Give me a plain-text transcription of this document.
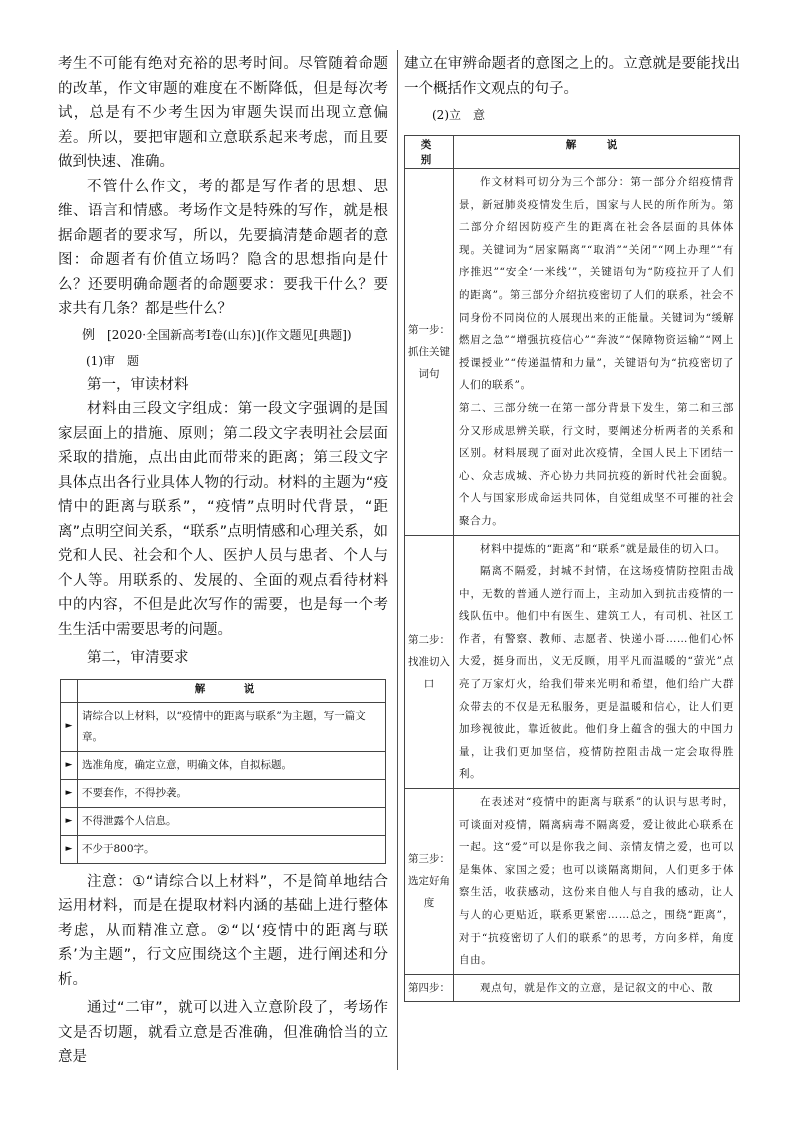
考生不可能有绝对充裕的思考时间。尽管随着命题的改革，作文审题的难度在不断降低，但是每次考试，总是有不少考生因为审题失误而出现立意偏差。所以，要把审题和立意联系起来考虑，而且要做到快速、准确。

不管什么作文，考的都是写作者的思想、思维、语言和情感。考场作文是特殊的写作，就是根据命题者的要求写，所以，先要搞清楚命题者的意图：命题者有价值立场吗？隐含的思想指向是什么？还要明确命题者的命题要求：要我干什么？要求共有几条？都是些什么？

例　 [2020·全国新高考Ⅰ卷(山东)](作文题见[典题])

(1)审　题

第一，审读材料

材料由三段文字组成：第一段文字强调的是国家层面上的措施、原则；第二段文字表明社会层面采取的措施，点出由此而带来的距离；第三段文字具体点出各行业具体人物的行动。材料的主题为“疫情中的距离与联系”，“疫情”点明时代背景，“距离”点明空间关系，“联系”点明情感和心理关系，如党和人民、社会和个人、医护人员与患者、个人与个人等。用联系的、发展的、全面的观点看待材料中的内容，不但是此次写作的需要，也是每一个考生生活中需要思考的问题。

第二，审清要求

	解　说
►	请综合以上材料，以“疫情中的距离与联系”为主题，写一篇文章。
►	选准角度，确定立意，明确文体，自拟标题。
►	不要套作，不得抄袭。
►	不得泄露个人信息。
►	不少于800字。

注意：①“请综合以上材料”，不是简单地结合运用材料，而是在提取材料内涵的基础上进行整体考虑，从而精准立意。②“以‘疫情中的距离与联系’为主题”，行文应围绕这个主题，进行阐述和分析。

通过“二审”，就可以进入立意阶段了，考场作文是否切题，就看立意是否准确，但准确恰当的立意是

建立在审辨命题者的意图之上的。立意就是要能找出一个概括作文观点的句子。

(2)立　意
类　别	解　说
第一步：抓住关键词句	作文材料可切分为三个部分：第一部分介绍疫情背景，新冠肺炎疫情发生后，国家与人民的所作所为。第二部分介绍因防疫产生的距离在社会各层面的具体体现。关键词为“居家隔离”“取消”“关闭”“网上办理”“有序推迟”“安全‘一米线’”，关键语句为“防疫拉开了人们的距离”。第三部分介绍抗疫密切了人们的联系，社会不同身份不同岗位的人展现出来的正能量。关键词为“缓解燃眉之急”“增强抗疫信心”“奔波”“保障物资运输”“网上授课授业”“传递温情和力量”，关键语句为“抗疫密切了人们的联系”。
第二、三部分统一在第一部分背景下发生，第二和三部分又形成思辨关联，行文时，要阐述分析两者的关系和区别。材料展现了面对此次疫情，全国人民上下团结一心、众志成城、齐心协力共同抗疫的新时代社会面貌。个人与国家形成命运共同体，自觉组成坚不可摧的社会聚合力。

第二步：找准切入口	材料中提炼的“距离”和“联系”就是最佳的切入口。
隔离不隔爱，封城不封情，在这场疫情防控阻击战中，无数的普通人逆行而上，主动加入到抗击疫情的一线队伍中。他们中有医生、建筑工人，有司机、社区工作者，有警察、教师、志愿者、快递小哥……他们心怀大爱，挺身而出，义无反顾，用平凡而温暖的“萤光”点亮了万家灯火，给我们带来光明和希望，他们给广大群众带去的不仅是无私服务，更是温暖和信心，让人们更加珍视彼此，靠近彼此。他们身上蕴含的强大的中国力量，让我们更加坚信，疫情防控阻击战一定会取得胜利。

第三步：选定好角度	在表述对“疫情中的距离与联系”的认识与思考时，可谈面对疫情，隔离病毒不隔离爱，爱让彼此心联系在一起。这“爱”可以是你我之间、亲情友情之爱，也可以是集体、家国之爱；也可以谈隔离期间，人们更多于体察生活，收获感动，这份来自他人与自我的感动，让人与人的心更贴近，联系更紧密……总之，围绕“距离”，对于“抗疫密切了人们的联系”的思考，方向多样，角度自由。

第四步：	观点句，就是作文的立意，是记叙文的中心、散
